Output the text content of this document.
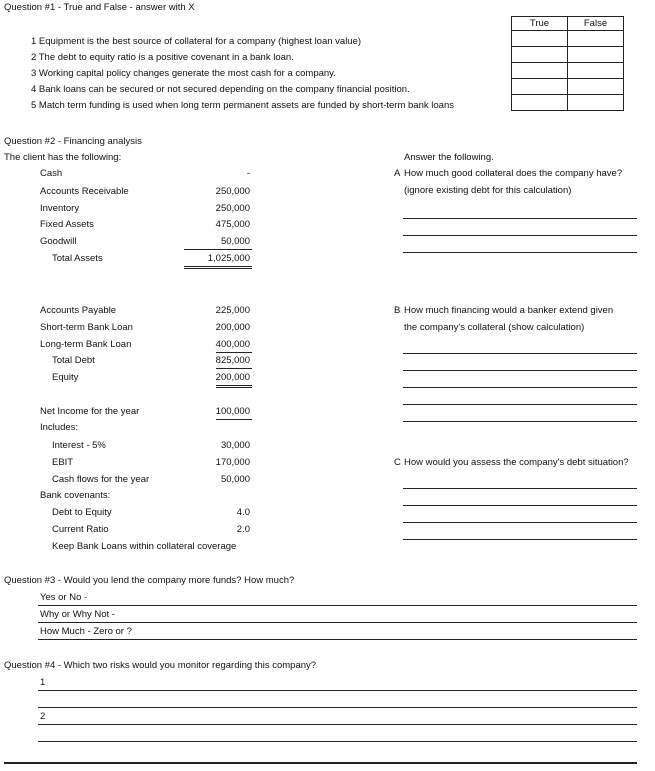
Question #1 - True and False - answer with X
True	False

1 Equipment is the best source of collateral for a company (highest loan value)
2 The debt to equity ratio is a positive covenant in a bank loan.
3 Working capital policy changes generate the most cash for a company.
4 Bank loans can be secured or not secured depending on the company financial position.
5 Match term funding is used when long term permanent assets are funded by short-term bank loans
Question #2 - Financing analysis
The client has the following:
Cash	-
Accounts Receivable	250,000
Inventory	250,000
Fixed Assets	475,000
Goodwill	50,000
Total Assets	1,025,000
Accounts Payable	225,000
Short-term Bank Loan	200,000
Long-term Bank Loan	400,000
Total Debt	825,000
Equity	200,000
Net Income for the year	100,000
Includes:
Interest - 5%	30,000
EBIT	170,000
Cash flows for the year	50,000
Bank covenants:
Debt to Equity	4.0
Current Ratio	2.0
Keep Bank Loans within collateral coverage
Answer the following.
A How much good collateral does the company have?
(ignore existing debt for this calculation)
B How much financing would a banker extend given
the company's collateral (show calculation)
C How would you assess the company's debt situation?
Question #3 - Would you lend the company more funds? How much?
Yes or No -
Why or Why Not -
How Much - Zero or ?
Question #4 - Which two risks would you monitor regarding this company?
1
2
